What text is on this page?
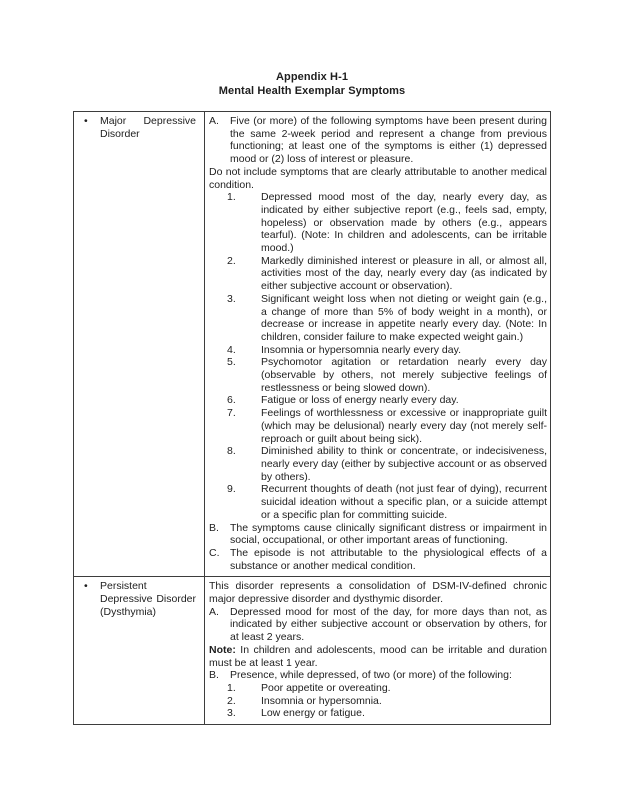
Appendix H-1
Mental Health Exemplar Symptoms
• Major Depressive Disorder
A. Five (or more) of the following symptoms have been present during the same 2-week period and represent a change from previous functioning; at least one of the symptoms is either (1) depressed mood or (2) loss of interest or pleasure.
Do not include symptoms that are clearly attributable to another medical condition.
1. Depressed mood most of the day, nearly every day, as indicated by either subjective report (e.g., feels sad, empty, hopeless) or observation made by others (e.g., appears tearful). (Note: In children and adolescents, can be irritable mood.)
2. Markedly diminished interest or pleasure in all, or almost all, activities most of the day, nearly every day (as indicated by either subjective account or observation).
3. Significant weight loss when not dieting or weight gain (e.g., a change of more than 5% of body weight in a month), or decrease or increase in appetite nearly every day. (Note: In children, consider failure to make expected weight gain.)
4. Insomnia or hypersomnia nearly every day.
5. Psychomotor agitation or retardation nearly every day (observable by others, not merely subjective feelings of restlessness or being slowed down).
6. Fatigue or loss of energy nearly every day.
7. Feelings of worthlessness or excessive or inappropriate guilt (which may be delusional) nearly every day (not merely self-reproach or guilt about being sick).
8. Diminished ability to think or concentrate, or indecisiveness, nearly every day (either by subjective account or as observed by others).
9. Recurrent thoughts of death (not just fear of dying), recurrent suicidal ideation without a specific plan, or a suicide attempt or a specific plan for committing suicide.
B. The symptoms cause clinically significant distress or impairment in social, occupational, or other important areas of functioning.
C. The episode is not attributable to the physiological effects of a substance or another medical condition.
• Persistent Depressive Disorder (Dysthymia)
This disorder represents a consolidation of DSM-IV-defined chronic major depressive disorder and dysthymic disorder.
A. Depressed mood for most of the day, for more days than not, as indicated by either subjective account or observation by others, for at least 2 years.
Note: In children and adolescents, mood can be irritable and duration must be at least 1 year.
B. Presence, while depressed, of two (or more) of the following:
1. Poor appetite or overeating.
2. Insomnia or hypersomnia.
3. Low energy or fatigue.
